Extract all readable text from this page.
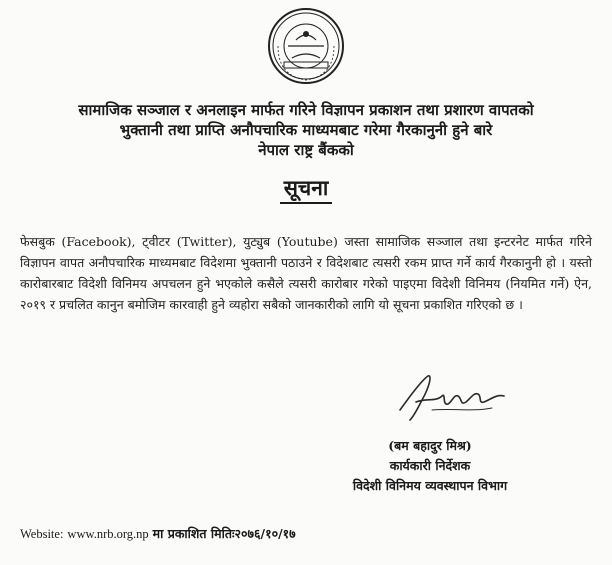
सामाजिक सञ्जाल र अनलाइन मार्फत गरिने विज्ञापन प्रकाशन तथा प्रशारण वापतको
भुक्तानी तथा प्राप्ति अनौपचारिक माध्यमबाट गरेमा गैरकानुनी हुने बारे
नेपाल राष्ट्र बैंकको
सूचना

फेसबुक (Facebook), ट्वीटर (Twitter), युट्युब (Youtube) जस्ता सामाजिक सञ्जाल तथा इन्टरनेट मार्फत गरिने विज्ञापन वापत अनौपचारिक माध्यमबाट विदेशमा भुक्तानी पठाउने र विदेशबाट त्यसरी रकम प्राप्त गर्ने कार्य गैरकानुनी हो । यस्तो कारोबारबाट विदेशी विनिमय अपचलन हुने भएकोले कसैले त्यसरी कारोबार गरेको पाइएमा विदेशी विनिमय (नियमित गर्ने) ऐन, २०१९ र प्रचलित कानुन बमोजिम कारवाही हुने व्यहोरा सबैको जानकारीको लागि यो सूचना प्रकाशित गरिएको छ ।

(बम बहादुर मिश्र)
कार्यकारी निर्देशक
विदेशी विनिमय व्यवस्थापन विभाग
Website: www.nrb.org.np मा प्रकाशित मितिः२०७६/१०/१७
